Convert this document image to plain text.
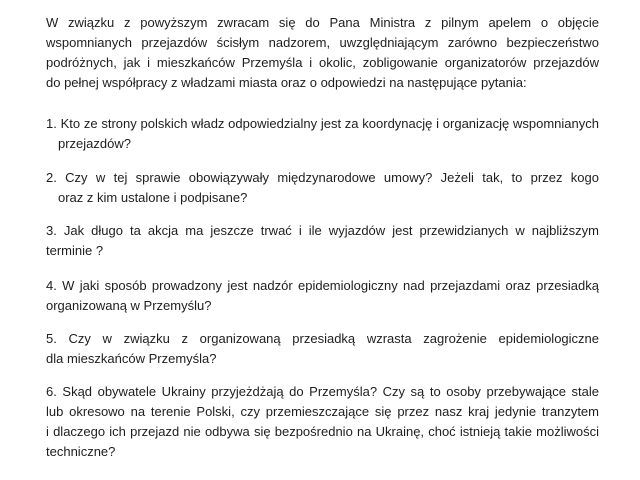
W związku z powyższym zwracam się do Pana Ministra z pilnym apelem o objęcie
wspomnianych przejazdów ścisłym nadzorem, uwzględniającym zarówno bezpieczeństwo
podróżnych, jak i mieszkańców Przemyśla i okolic, zobligowanie organizatorów przejazdów
do pełnej współpracy z władzami miasta oraz o odpowiedzi na następujące pytania:
1. Kto ze strony polskich władz odpowiedzialny jest za koordynację i organizację wspomnianych
przejazdów?
2. Czy w tej sprawie obowiązywały międzynarodowe umowy? Jeżeli tak, to przez kogo
oraz z kim ustalone i podpisane?
3. Jak długo ta akcja ma jeszcze trwać i ile wyjazdów jest przewidzianych w najbliższym
terminie ?
4. W jaki sposób prowadzony jest nadzór epidemiologiczny nad przejazdami oraz przesiadką
organizowaną w Przemyślu?
5. Czy w związku z organizowaną przesiadką wzrasta zagrożenie epidemiologiczne
dla mieszkańców Przemyśla?
6. Skąd obywatele Ukrainy przyjeżdżają do Przemyśla? Czy są to osoby przebywające stale
lub okresowo na terenie Polski, czy przemieszczające się przez nasz kraj jedynie tranzytem
i dlaczego ich przejazd nie odbywa się bezpośrednio na Ukrainę, choć istnieją takie możliwości
techniczne?
